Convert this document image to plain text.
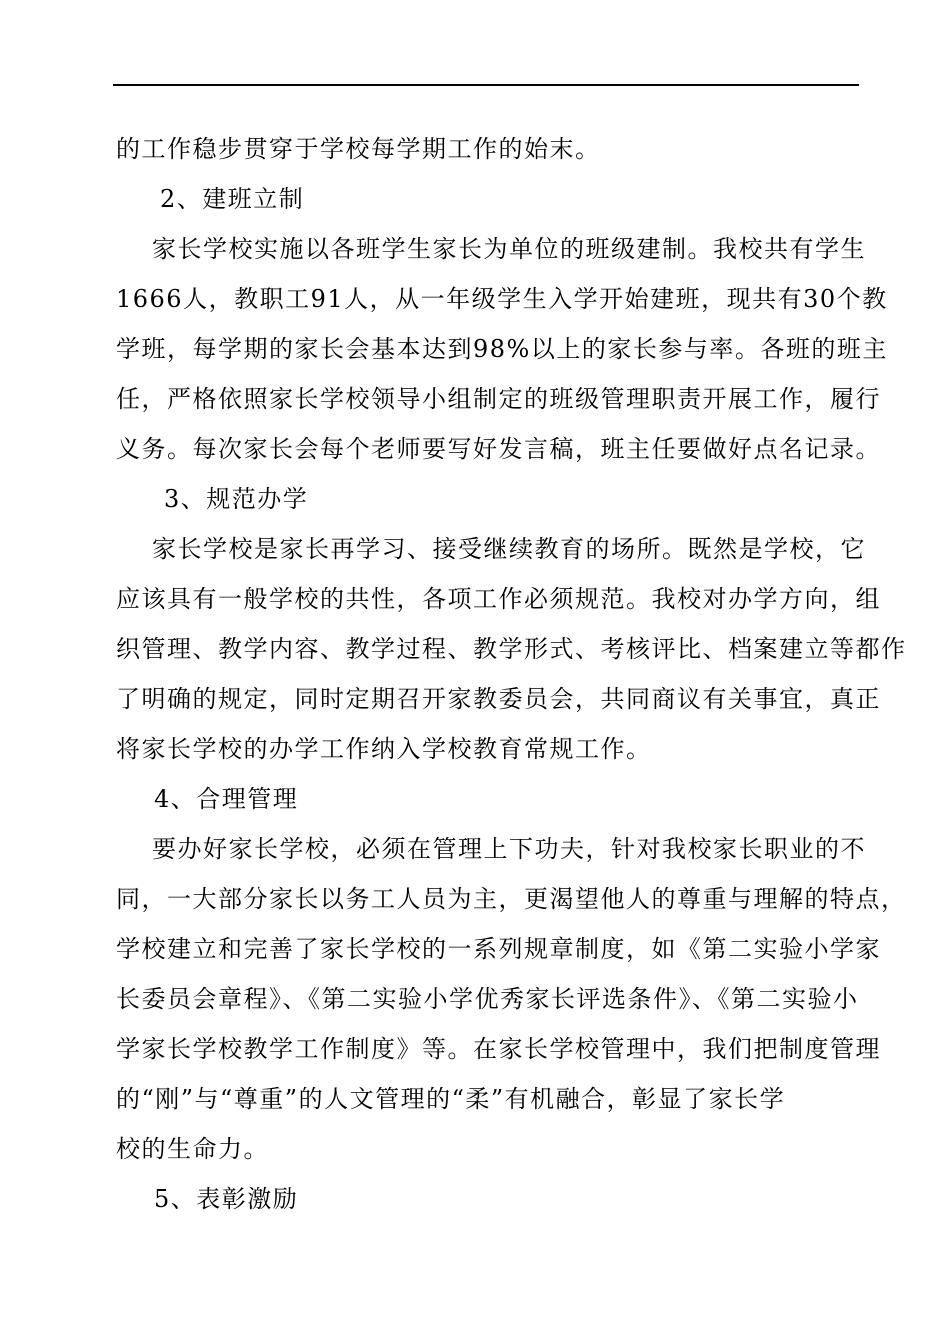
的工作稳步贯穿于学校每学期工作的始末。
2、建班立制
家长学校实施以各班学生家长为单位的班级建制。我校共有学生
1666人，教职工91人，从一年级学生入学开始建班，现共有30个教
学班，每学期的家长会基本达到98%以上的家长参与率。各班的班主
任，严格依照家长学校领导小组制定的班级管理职责开展工作，履行
义务。每次家长会每个老师要写好发言稿，班主任要做好点名记录。
3、规范办学
家长学校是家长再学习、接受继续教育的场所。既然是学校，它
应该具有一般学校的共性，各项工作必须规范。我校对办学方向，组
织管理、教学内容、教学过程、教学形式、考核评比、档案建立等都作
了明确的规定，同时定期召开家教委员会，共同商议有关事宜，真正
将家长学校的办学工作纳入学校教育常规工作。
4、合理管理
要办好家长学校，必须在管理上下功夫，针对我校家长职业的不
同，一大部分家长以务工人员为主，更渴望他人的尊重与理解的特点，
学校建立和完善了家长学校的一系列规章制度，如《第二实验小学家
长委员会章程》、《第二实验小学优秀家长评选条件》、《第二实验小
学家长学校教学工作制度》等。在家长学校管理中，我们把制度管理
的“刚”与“尊重”的人文管理的“柔”有机融合，彰显了家长学
校的生命力。
5、表彰激励
